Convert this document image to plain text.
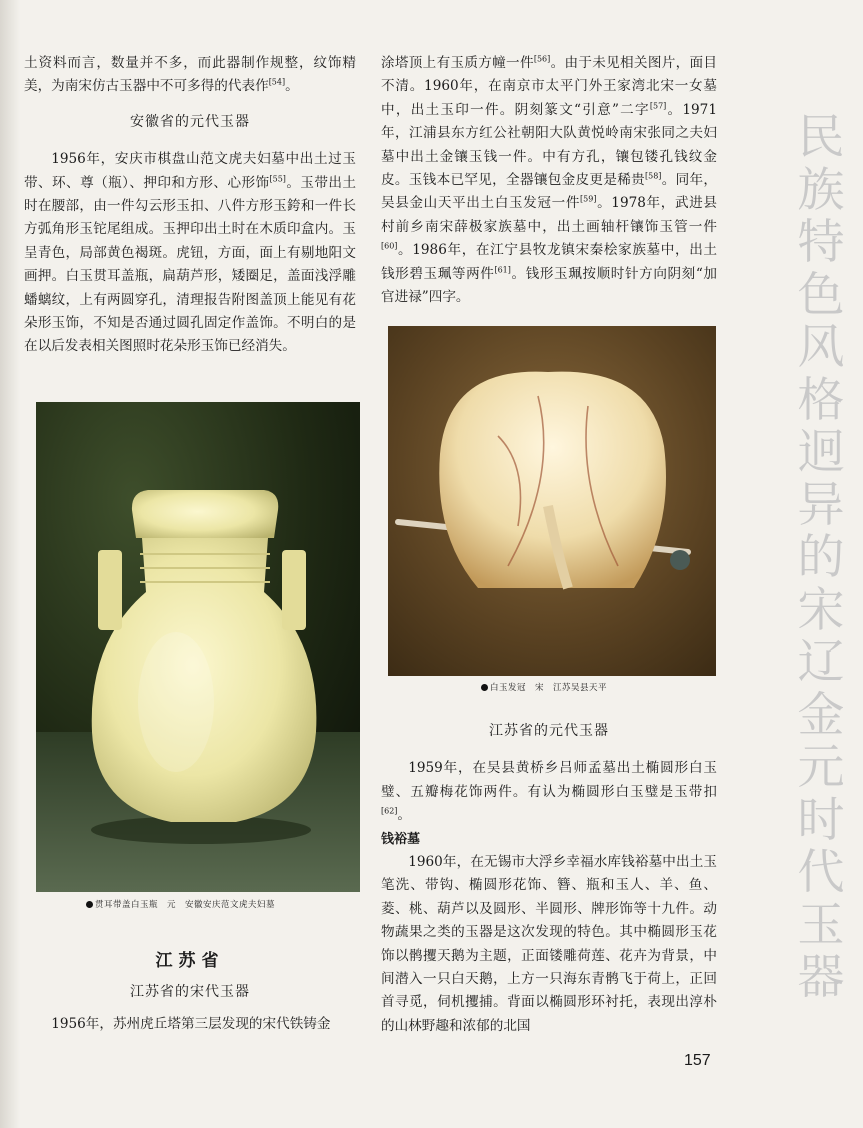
土资料而言，数量并不多，而此器制作规整，纹饰精美，为南宋仿古玉器中不可多得的代表作[54]。

安徽省的元代玉器

1956年，安庆市棋盘山范文虎夫妇墓中出土过玉带、环、尊（瓶）、押印和方形、心形饰[55]。玉带出土时在腰部，由一件勾云形玉扣、八件方形玉銙和一件长方弧角形玉铊尾组成。玉押印出土时在木质印盒内。玉呈青色，局部黄色褐斑。虎钮，方面，面上有剔地阳文画押。白玉贯耳盖瓶，扁葫芦形，矮圈足，盖面浅浮雕蟠螭纹，上有两圆穿孔，清理报告附图盖顶上能见有花朵形玉饰，不知是否通过圆孔固定作盖饰。不明白的是在以后发表相关图照时花朵形玉饰已经消失。

贯耳带盖白玉瓶　元　安徽安庆范文虎夫妇墓
江苏省
江苏省的宋代玉器

1956年，苏州虎丘塔第三层发现的宋代铁铸金

涂塔顶上有玉质方幢一件[56]。由于未见相关图片，面目不清。1960年，在南京市太平门外王家湾北宋一女墓中，出土玉印一件。阴刻篆文“引意”二字[57]。1971年，江浦县东方红公社朝阳大队黄悦岭南宋张同之夫妇墓中出土金镶玉钱一件。中有方孔，镶包镂孔钱纹金皮。玉钱本已罕见，全器镶包金皮更是稀贵[58]。同年，吴县金山天平出土白玉发冠一件[59]。1978年，武进县村前乡南宋薛极家族墓中，出土画轴杆镶饰玉管一件[60]。1986年，在江宁县牧龙镇宋秦桧家族墓中，出土钱形碧玉珮等两件[61]。钱形玉珮按顺时针方向阴刻“加官进禄”四字。

白玉发冠　宋　江苏吴县天平
江苏省的元代玉器

1959年，在吴县黄桥乡吕师孟墓出土椭圆形白玉璧、五瓣梅花饰两件。有认为椭圆形白玉璧是玉带扣[62]。

钱裕墓

1960年，在无锡市大浮乡幸福水库钱裕墓中出土玉笔洗、带钩、椭圆形花饰、簪、瓶和玉人、羊、鱼、菱、桃、葫芦以及圆形、半圆形、牌形饰等十九件。动物蔬果之类的玉器是这次发现的特色。其中椭圆形玉花饰以鹘攫天鹅为主题，正面镂雕荷莲、花卉为背景，中间潜入一只白天鹅，上方一只海东青鹘飞于荷上，正回首寻觅，伺机攫捕。背面以椭圆形环衬托，表现出淳朴的山林野趣和浓郁的北国

民
族
特
色
风
格
迥
异
的
宋
辽
金
元
时
代
玉
器
157
